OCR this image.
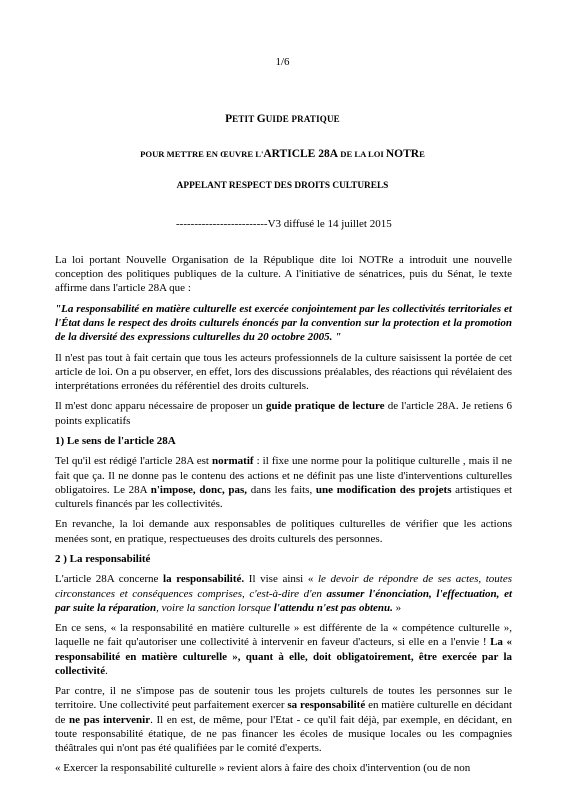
1/6
PETIT GUIDE PRATIQUE
POUR METTRE EN ŒUVRE L'ARTICLE 28A DE LA LOI NOTRE
APPELANT RESPECT DES DROITS CULTURELS
-------------------------V3 diffusé le 14 juillet 2015

La loi portant Nouvelle Organisation de la République dite loi NOTRe a introduit une nouvelle conception des politiques publiques de la culture. A l'initiative de sénatrices, puis du Sénat, le texte affirme dans l'article 28A que :

"La responsabilité en matière culturelle est exercée conjointement par les collectivités territoriales et l'État dans le respect des droits culturels énoncés par la convention sur la protection et la promotion de la diversité des expressions culturelles du 20 octobre 2005. "

Il n'est pas tout à fait certain que tous les acteurs professionnels de la culture saisissent la portée de cet article de loi. On a pu observer, en effet, lors des discussions préalables, des réactions qui révélaient des interprétations erronées du référentiel des droits culturels.

Il m'est donc apparu nécessaire de proposer un guide pratique de lecture de l'article 28A. Je retiens 6 points explicatifs

1) Le sens de l'article 28A

Tel qu'il est rédigé l'article 28A est normatif : il fixe une norme pour la politique culturelle , mais il ne fait que ça. Il ne donne pas le contenu des actions et ne définit pas une liste d'interventions culturelles obligatoires. Le 28A n'impose, donc, pas, dans les faits, une modification des projets artistiques et culturels financés par les collectivités.

En revanche, la loi demande aux responsables de politiques culturelles de vérifier que les actions menées sont, en pratique, respectueuses des droits culturels des personnes.

2 ) La responsabilité

L'article 28A concerne la responsabilité. Il vise ainsi « le devoir de répondre de ses actes, toutes circonstances et conséquences comprises, c'est-à-dire d'en assumer l'énonciation, l'effectuation, et par suite la réparation, voire la sanction lorsque l'attendu n'est pas obtenu. »

En ce sens, « la responsabilité en matière culturelle » est différente de la « compétence culturelle », laquelle ne fait qu'autoriser une collectivité à intervenir en faveur d'acteurs, si elle en a l'envie ! La « responsabilité en matière culturelle », quant à elle, doit obligatoirement, être exercée par la collectivité.

Par contre, il ne s'impose pas de soutenir tous les projets culturels de toutes les personnes sur le territoire. Une collectivité peut parfaitement exercer sa responsabilité en matière culturelle en décidant de ne pas intervenir. Il en est, de même, pour l'Etat - ce qu'il fait déjà, par exemple, en décidant, en toute responsabilité étatique, de ne pas financer les écoles de musique locales ou les compagnies théâtrales qui n'ont pas été qualifiées par le comité d'experts.

« Exercer la responsabilité culturelle » revient alors à faire des choix d'intervention (ou de non
